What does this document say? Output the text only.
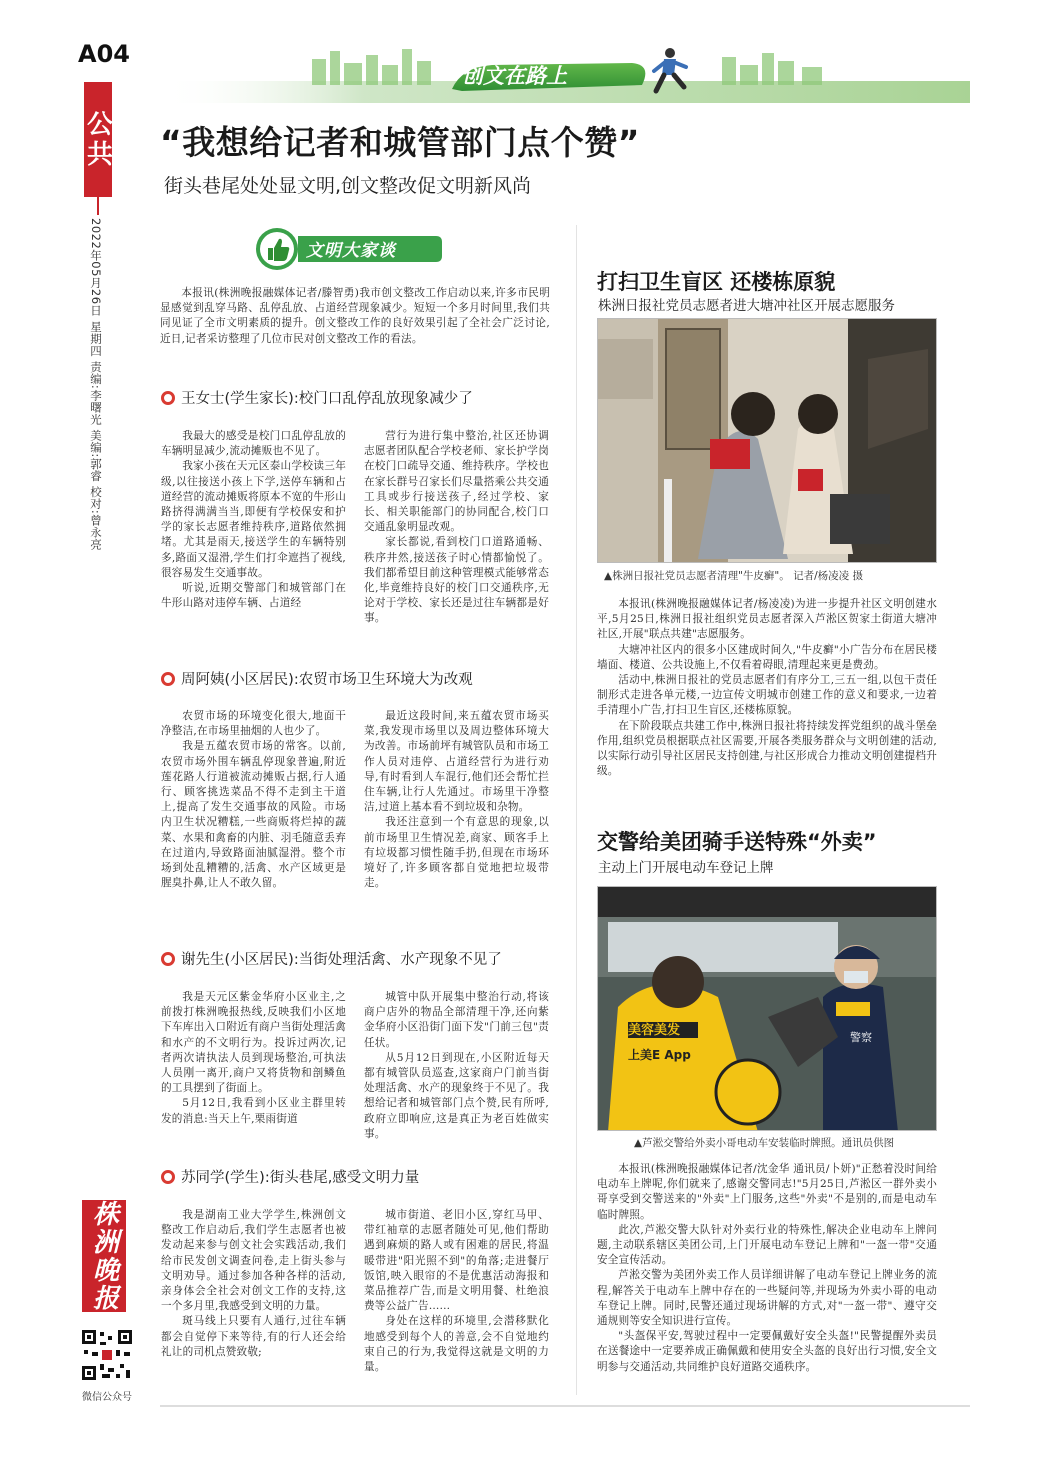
A04
公共
2022年05月26日 星期四 责编:李曙光 美编:郭睿 校对:曾永亮
创文在路上
“我想给记者和城管部门点个赞”
街头巷尾处处显文明,创文整改促文明新风尚
文明大家谈
本报讯(株洲晚报融媒体记者/滕智勇)我市创文整改工作启动以来,许多市民明显感觉到乱穿马路、乱停乱放、占道经营现象减少。短短一个多月时间里,我们共同见证了全市文明素质的提升。创文整改工作的良好效果引起了全社会广泛讨论,近日,记者采访整理了几位市民对创文整改工作的看法。
王女士(学生家长):校门口乱停乱放现象减少了

我最大的感受是校门口乱停乱放的车辆明显减少,流动摊贩也不见了。

我家小孩在天元区泰山学校读三年级,以往接送小孩上下学,送停车辆和占道经营的流动摊贩将原本不宽的牛形山路挤得满满当当,即便有学校保安和护学的家长志愿者维持秩序,道路依然拥堵。尤其是雨天,接送学生的车辆特别多,路面又湿滑,学生们打伞遮挡了视线,很容易发生交通事故。

听说,近期交警部门和城管部门在牛形山路对违停车辆、占道经

营行为进行集中整治,社区还协调志愿者团队配合学校老师、家长护学岗在校门口疏导交通、维持秩序。学校也在家长群号召家长们尽量搭乘公共交通工具或步行接送孩子,经过学校、家长、相关职能部门的协同配合,校门口交通乱象明显改观。

家长都说,看到校门口道路通畅、秩序井然,接送孩子时心情都愉悦了。我们都希望目前这种管理模式能够常态化,毕竟维持良好的校门口交通秩序,无论对于学校、家长还是过往车辆都是好事。

周阿姨(小区居民):农贸市场卫生环境大为改观

农贸市场的环境变化很大,地面干净整洁,在市场里抽烟的人也少了。

我是五蕴农贸市场的常客。以前,农贸市场外围车辆乱停现象普遍,附近莲花路人行道被流动摊贩占据,行人通行、顾客挑选菜品不得不走到主干道上,提高了发生交通事故的风险。市场内卫生状况糟糕,一些商贩将烂掉的蔬菜、水果和禽畜的内脏、羽毛随意丢弃在过道内,导致路面油腻湿滑。整个市场到处乱糟糟的,活禽、水产区域更是腥臭扑鼻,让人不敢久留。

最近这段时间,来五蕴农贸市场买菜,我发现市场里以及周边整体环境大为改善。市场前坪有城管队员和市场工作人员对违停、占道经营行为进行劝导,有时看到人车混行,他们还会帮忙拦住车辆,让行人先通过。市场里干净整洁,过道上基本看不到垃圾和杂物。

我还注意到一个有意思的现象,以前市场里卫生情况差,商家、顾客手上有垃圾都习惯性随手扔,但现在市场环境好了,许多顾客都自觉地把垃圾带走。

谢先生(小区居民):当街处理活禽、水产现象不见了

我是天元区紫金华府小区业主,之前拨打株洲晚报热线,反映我们小区地下车库出入口附近有商户当街处理活禽和水产的不文明行为。投诉过两次,记者两次请执法人员到现场整治,可执法人员刚一离开,商户又将货物和剖鳞鱼的工具摆到了街面上。

5月12日,我看到小区业主群里转发的消息:当天上午,栗雨街道

城管中队开展集中整治行动,将该商户店外的物品全部清理干净,还向紫金华府小区沿街门面下发"门前三包"责任状。

从5月12日到现在,小区附近每天都有城管队员巡查,这家商户门前当街处理活禽、水产的现象终于不见了。我想给记者和城管部门点个赞,民有所呼,政府立即响应,这是真正为老百姓做实事。

苏同学(学生):街头巷尾,感受文明力量

我是湖南工业大学学生,株洲创文整改工作启动后,我们学生志愿者也被发动起来参与创文社会实践活动,我们给市民发创文调查问卷,走上街头参与文明劝导。通过参加各种各样的活动,亲身体会全社会对创文工作的支持,这一个多月里,我感受到文明的力量。

斑马线上只要有人通行,过往车辆都会自觉停下来等待,有的行人还会给礼让的司机点赞致敬;

城市街道、老旧小区,穿红马甲、带红袖章的志愿者随处可见,他们帮助遇到麻烦的路人或有困难的居民,将温暖带进"阳光照不到"的角落;走进餐厅饭馆,映入眼帘的不是优惠活动海报和菜品推荐广告,而是文明用餐、杜绝浪费等公益广告……

身处在这样的环境里,会潜移默化地感受到每个人的善意,会不自觉地约束自己的行为,我觉得这就是文明的力量。

打扫卫生盲区 还楼栋原貌
株洲日报社党员志愿者进大塘冲社区开展志愿服务
▲株洲日报社党员志愿者清理"牛皮癣"。 记者/杨凌凌 摄

本报讯(株洲晚报融媒体记者/杨凌凌)为进一步提升社区文明创建水平,5月25日,株洲日报社组织党员志愿者深入芦淞区贺家土街道大塘冲社区,开展"联点共建"志愿服务。

大塘冲社区内的很多小区建成时间久,"牛皮癣"小广告分布在居民楼墙面、楼道、公共设施上,不仅看着碍眼,清理起来更是费劲。

活动中,株洲日报社的党员志愿者们有序分工,三五一组,以包干责任制形式走进各单元楼,一边宣传文明城市创建工作的意义和要求,一边着手清理小广告,打扫卫生盲区,还楼栋原貌。

在下阶段联点共建工作中,株洲日报社将持续发挥党组织的战斗堡垒作用,组织党员根据联点社区需要,开展各类服务群众与文明创建的活动,以实际行动引导社区居民支持创建,与社区形成合力推动文明创建提档升级。

交警给美团骑手送特殊“外卖”
主动上门开展电动车登记上牌
美容美发
上美E App
警察
▲芦淞交警给外卖小哥电动车安装临时牌照。通讯员供图

本报讯(株洲晚报融媒体记者/沈金华 通讯员/卜妍)"正愁着没时间给电动车上牌呢,你们就来了,感谢交警同志!"5月25日,芦淞区一群外卖小哥享受到交警送来的"外卖"上门服务,这些"外卖"不是别的,而是电动车临时牌照。

此次,芦淞交警大队针对外卖行业的特殊性,解决企业电动车上牌问题,主动联系辖区美团公司,上门开展电动车登记上牌和"一盔一带"交通安全宣传活动。

芦淞交警为美团外卖工作人员详细讲解了电动车登记上牌业务的流程,解答关于电动车上牌中存在的一些疑问等,并现场为外卖小哥的电动车登记上牌。同时,民警还通过现场讲解的方式,对"一盔一带"、遵守交通规则等安全知识进行宣传。

"头盔保平安,驾驶过程中一定要佩戴好安全头盔!"民警提醒外卖员在送餐途中一定要养成正确佩戴和使用安全头盔的良好出行习惯,安全文明参与交通活动,共同维护良好道路交通秩序。

株洲晚报
微信公众号
